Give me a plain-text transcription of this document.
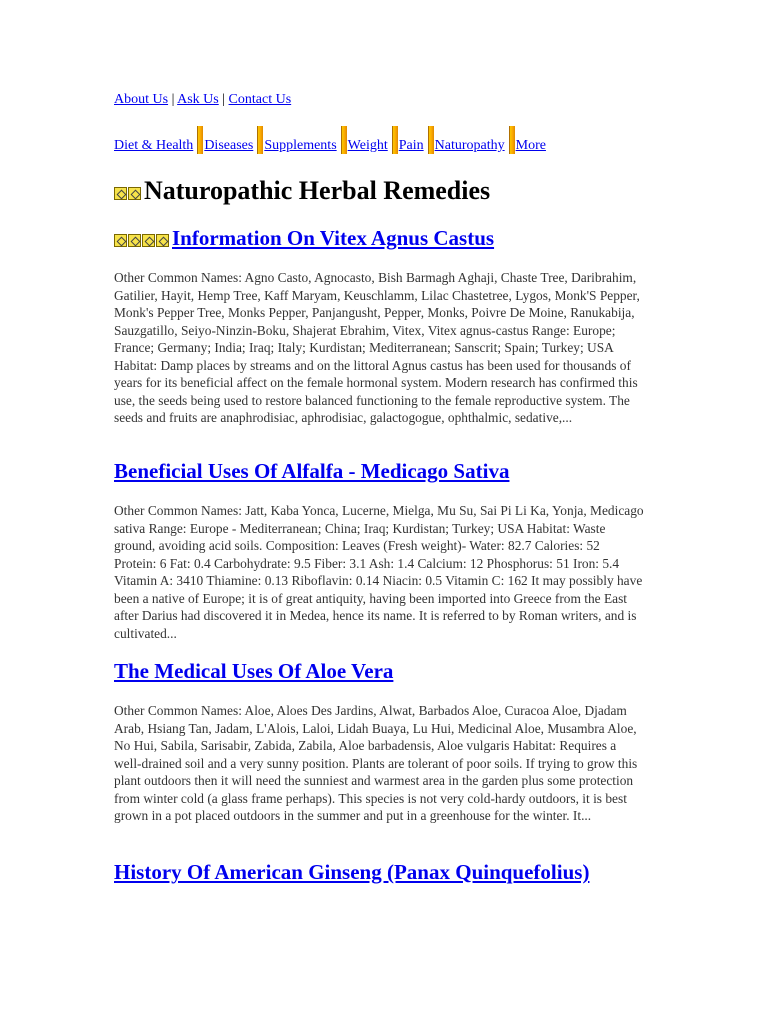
About Us | Ask Us | Contact Us
Diet & Health Diseases Supplements Weight Pain Naturopathy More
Naturopathic Herbal Remedies
Information On Vitex Agnus Castus

Other Common Names: Agno Casto, Agnocasto, Bish Barmagh Aghaji, Chaste Tree, Daribrahim, Gatilier, Hayit, Hemp Tree, Kaff Maryam, Keuschlamm, Lilac Chastetree, Lygos, Monk'S Pepper, Monk's Pepper Tree, Monks Pepper, Panjangusht, Pepper, Monks, Poivre De Moine, Ranukabija, Sauzgatillo, Seiyo-Ninzin-Boku, Shajerat Ebrahim, Vitex, Vitex agnus-castus Range: Europe; France; Germany; India; Iraq; Italy; Kurdistan; Mediterranean; Sanscrit; Spain; Turkey; USA Habitat: Damp places by streams and on the littoral Agnus castus has been used for thousands of years for its beneficial affect on the female hormonal system. Modern research has confirmed this use, the seeds being used to restore balanced functioning to the female reproductive system. The seeds and fruits are anaphrodisiac, aphrodisiac, galactogogue, ophthalmic, sedative,...

Beneficial Uses Of Alfalfa - Medicago Sativa

Other Common Names: Jatt, Kaba Yonca, Lucerne, Mielga, Mu Su, Sai Pi Li Ka, Yonja, Medicago sativa Range: Europe - Mediterranean; China; Iraq; Kurdistan; Turkey; USA Habitat: Waste ground, avoiding acid soils. Composition: Leaves (Fresh weight)- Water: 82.7 Calories: 52 Protein: 6 Fat: 0.4 Carbohydrate: 9.5 Fiber: 3.1 Ash: 1.4 Calcium: 12 Phosphorus: 51 Iron: 5.4 Vitamin A: 3410 Thiamine: 0.13 Riboflavin: 0.14 Niacin: 0.5 Vitamin C: 162 It may possibly have been a native of Europe; it is of great antiquity, having been imported into Greece from the East after Darius had discovered it in Medea, hence its name. It is referred to by Roman writers, and is cultivated...

The Medical Uses Of Aloe Vera

Other Common Names: Aloe, Aloes Des Jardins, Alwat, Barbados Aloe, Curacoa Aloe, Djadam Arab, Hsiang Tan, Jadam, L'Alois, Laloi, Lidah Buaya, Lu Hui, Medicinal Aloe, Musambra Aloe, No Hui, Sabila, Sarisabir, Zabida, Zabila, Aloe barbadensis, Aloe vulgaris Habitat: Requires a well-drained soil and a very sunny position. Plants are tolerant of poor soils. If trying to grow this plant outdoors then it will need the sunniest and warmest area in the garden plus some protection from winter cold (a glass frame perhaps). This species is not very cold-hardy outdoors, it is best grown in a pot placed outdoors in the summer and put in a greenhouse for the winter. It...

History Of American Ginseng (Panax Quinquefolius)
